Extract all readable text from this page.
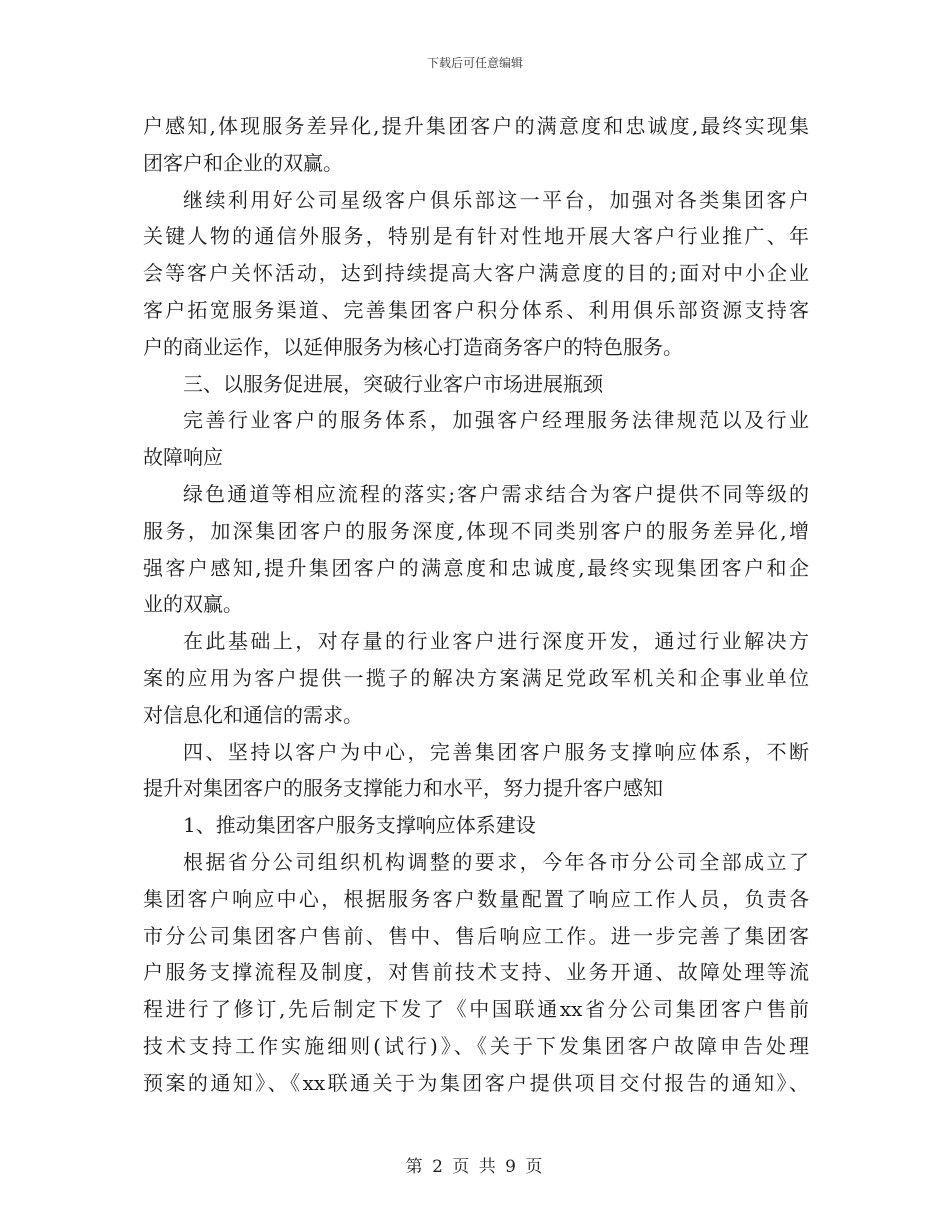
下载后可任意编辑
户感知,体现服务差异化,提升集团客户的满意度和忠诚度,最终实现集
团客户和企业的双赢。
继续利用好公司星级客户俱乐部这一平台，加强对各类集团客户
关键人物的通信外服务，特别是有针对性地开展大客户行业推广、年
会等客户关怀活动，达到持续提高大客户满意度的目的;面对中小企业
客户拓宽服务渠道、完善集团客户积分体系、利用俱乐部资源支持客
户的商业运作，以延伸服务为核心打造商务客户的特色服务。
三、以服务促进展，突破行业客户市场进展瓶颈
完善行业客户的服务体系，加强客户经理服务法律规范以及行业
故障响应
绿色通道等相应流程的落实;客户需求结合为客户提供不同等级的
服务，加深集团客户的服务深度,体现不同类别客户的服务差异化,增
强客户感知,提升集团客户的满意度和忠诚度,最终实现集团客户和企
业的双赢。
在此基础上，对存量的行业客户进行深度开发，通过行业解决方
案的应用为客户提供一揽子的解决方案满足党政军机关和企事业单位
对信息化和通信的需求。
四、坚持以客户为中心，完善集团客户服务支撑响应体系，不断
提升对集团客户的服务支撑能力和水平，努力提升客户感知
1、推动集团客户服务支撑响应体系建设
根据省分公司组织机构调整的要求，今年各市分公司全部成立了
集团客户响应中心，根据服务客户数量配置了响应工作人员，负责各
市分公司集团客户售前、售中、售后响应工作。进一步完善了集团客
户服务支撑流程及制度，对售前技术支持、业务开通、故障处理等流
程进行了修订,先后制定下发了《中国联通xx省分公司集团客户售前
技术支持工作实施细则(试行)》、《关于下发集团客户故障申告处理
预案的通知》、《xx联通关于为集团客户提供项目交付报告的通知》、
第 2 页 共 9 页
